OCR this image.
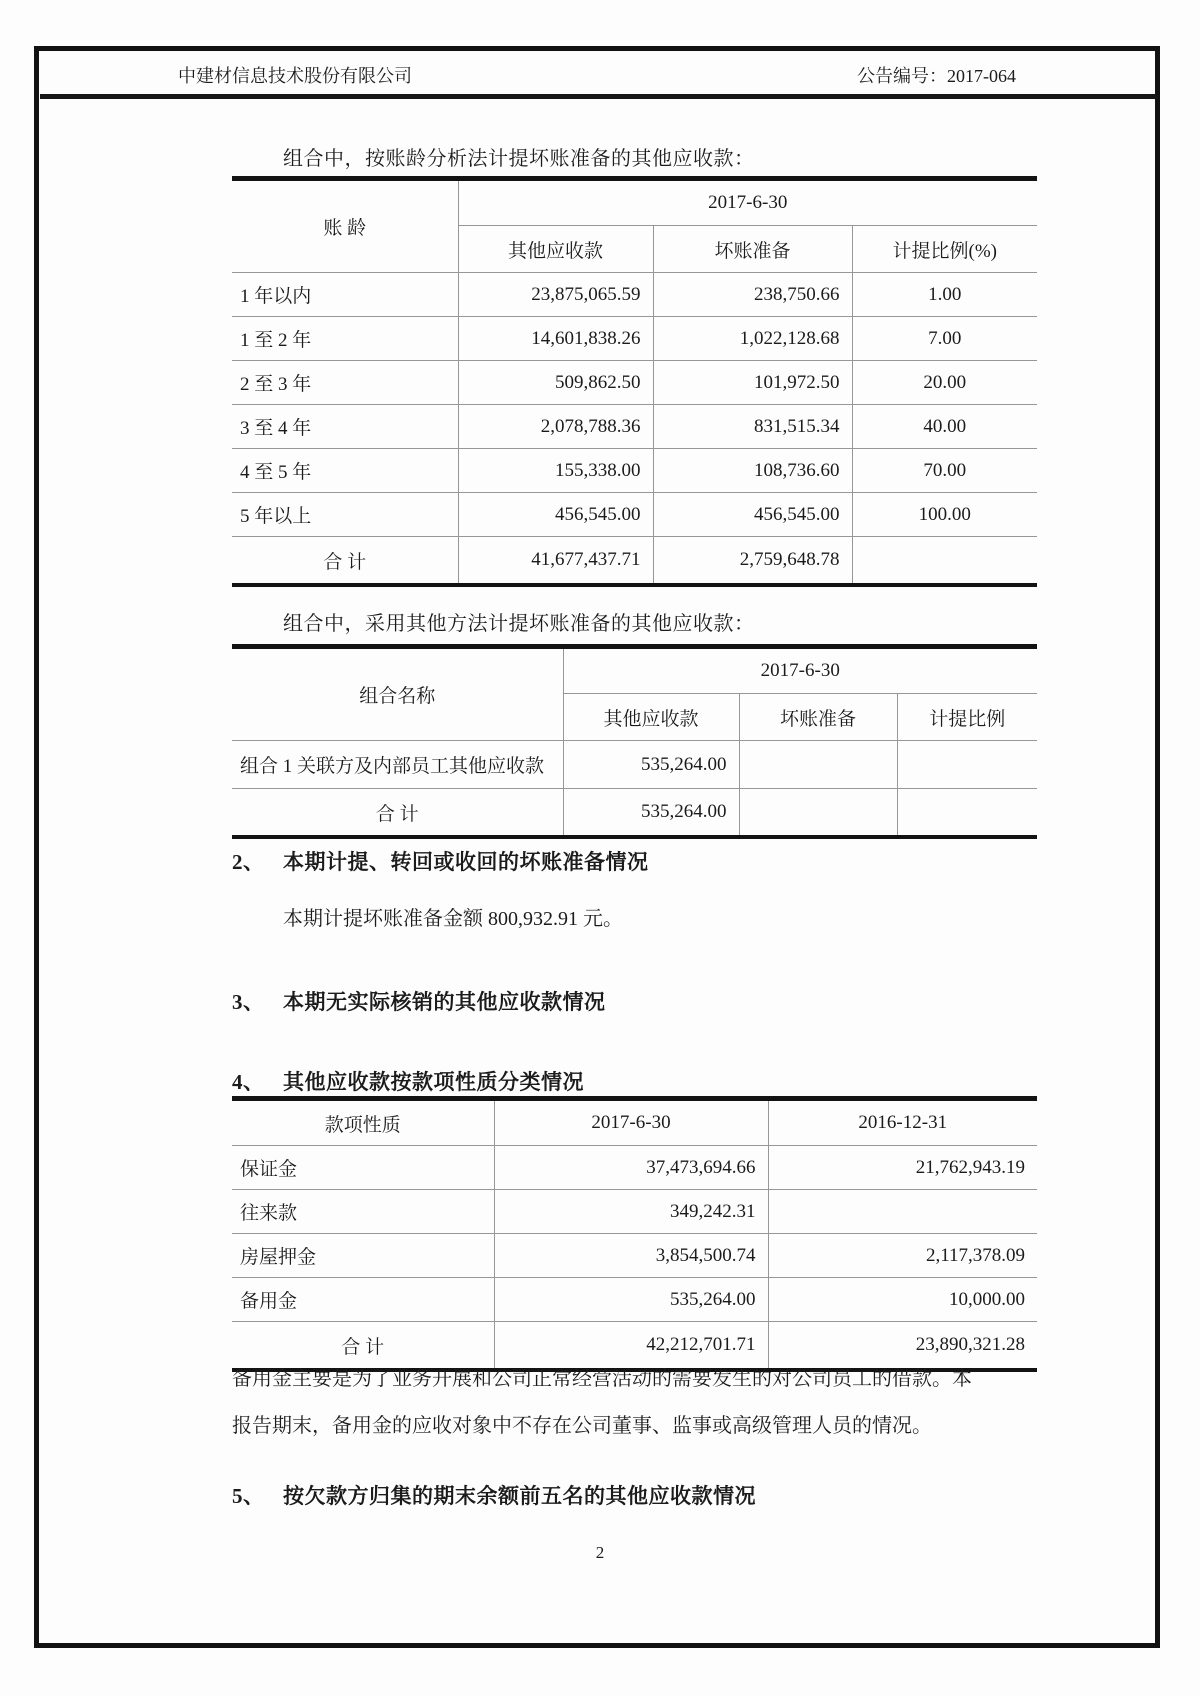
中建材信息技术股份有限公司	公告编号：2017-064
组合中，按账龄分析法计提坏账准备的其他应收款：
账 龄	2017-6-30		
	其他应收款	坏账准备	计提比例(%)
1 年以内	23,875,065.59	238,750.66	1.00
1 至 2 年	14,601,838.26	1,022,128.68	7.00
2 至 3 年	509,862.50	101,972.50	20.00
3 至 4 年	2,078,788.36	831,515.34	40.00
4 至 5 年	155,338.00	108,736.60	70.00
5 年以上	456,545.00	456,545.00	100.00
合 计	41,677,437.71	2,759,648.78	
组合中，采用其他方法计提坏账准备的其他应收款：
组合名称	2017-6-30		
	其他应收款	坏账准备	计提比例
组合 1 关联方及内部员工其他应收款	535,264.00		
合 计	535,264.00		
2、 本期计提、转回或收回的坏账准备情况
本期计提坏账准备金额 800,932.91 元。
3、 本期无实际核销的其他应收款情况
4、 其他应收款按款项性质分类情况
款项性质	2017-6-30	2016-12-31
保证金	37,473,694.66	21,762,943.19
往来款	349,242.31	
房屋押金	3,854,500.74	2,117,378.09
备用金	535,264.00	10,000.00
合 计	42,212,701.71	23,890,321.28
备用金主要是为了业务开展和公司正常经营活动的需要发生的对公司员工的借款。本报告期末，备用金的应收对象中不存在公司董事、监事或高级管理人员的情况。
5、 按欠款方归集的期末余额前五名的其他应收款情况
2
